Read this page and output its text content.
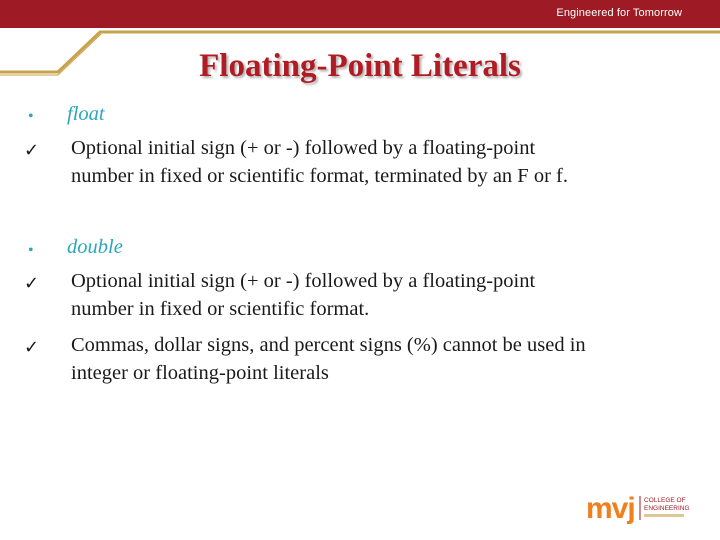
Engineered for Tomorrow
Floating-Point Literals
• float
✓ Optional initial sign (+ or -) followed by a floating-point
number in fixed or scientific format, terminated by an F or f.
• double
✓ Optional initial sign (+ or -) followed by a floating-point
number in fixed or scientific format.
✓ Commas, dollar signs, and percent signs (%) cannot be used in
integer or floating-point literals
mvj COLLEGE OF
ENGINEERING
